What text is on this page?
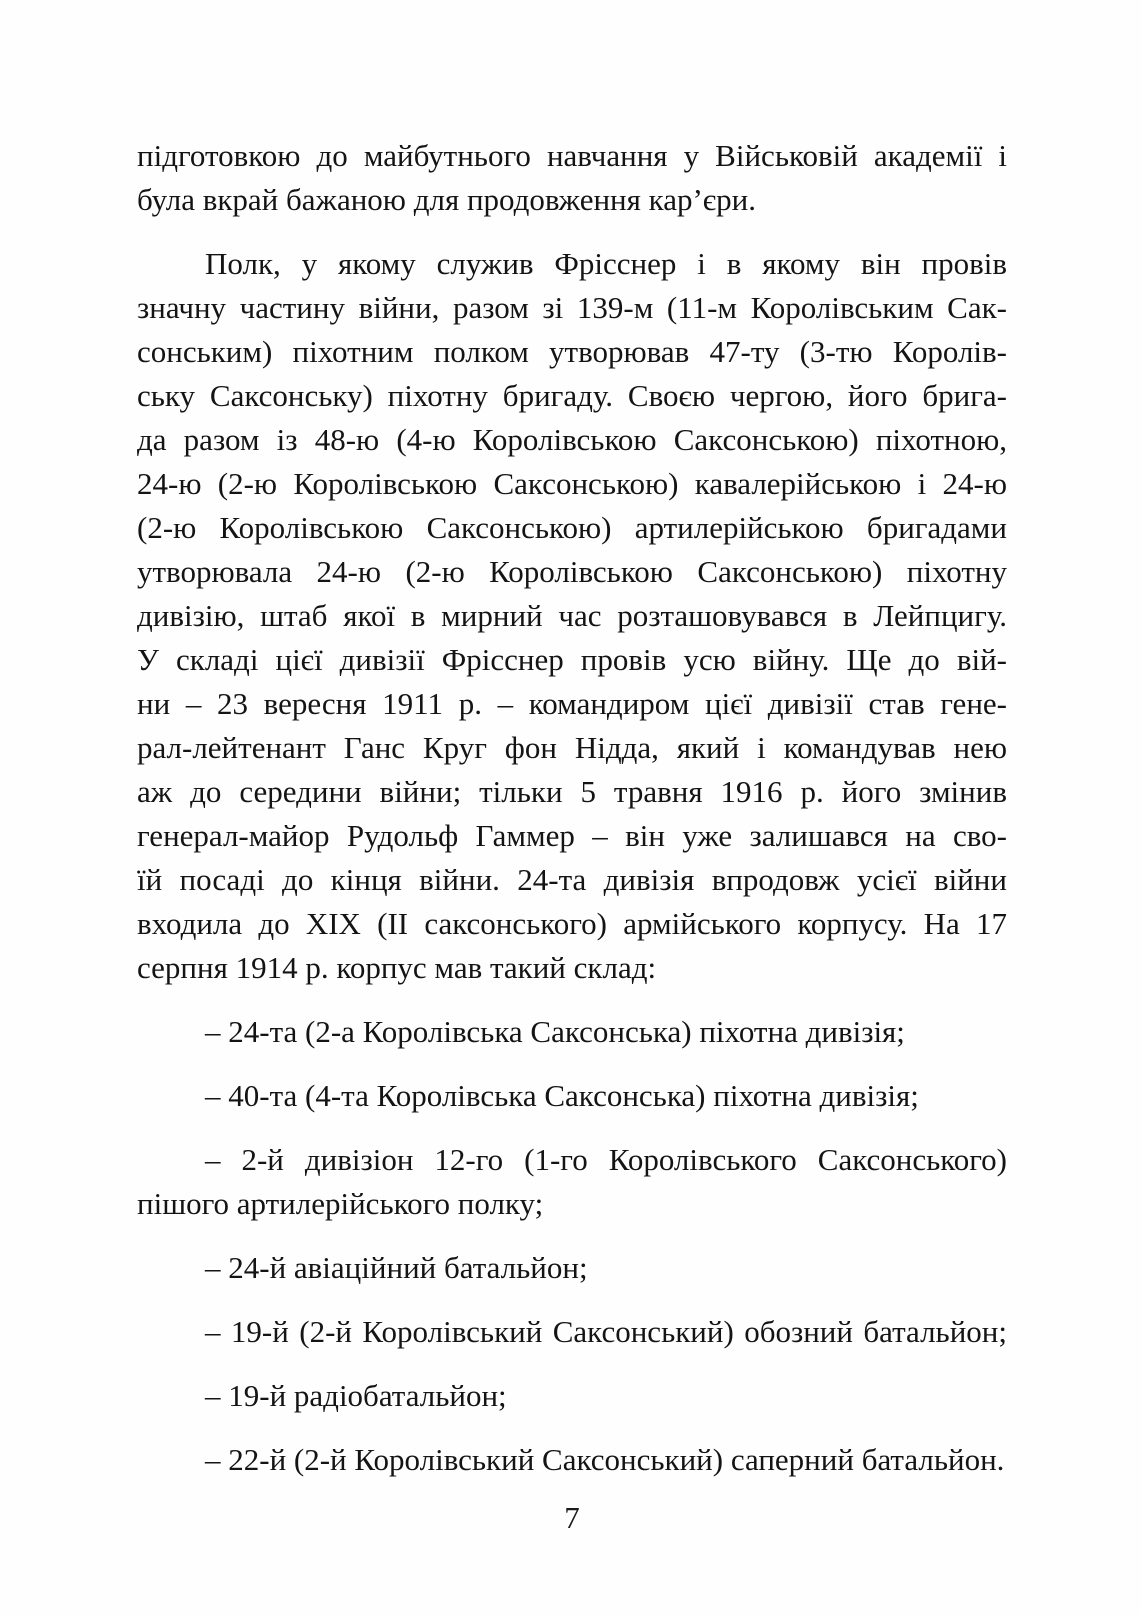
підготовкою до майбутнього навчання у Військовій академії і
була вкрай бажаною для продовження кар’єри.
Полк, у якому служив Фрісснер і в якому він провів
значну частину війни, разом зі 139-м (11-м Королівським Сак-
сонським) піхотним полком утворював 47-ту (3-тю Королів-
ську Саксонську) піхотну бригаду. Своєю чергою, його брига-
да разом із 48-ю (4-ю Королівською Саксонською) піхотною,
24-ю (2-ю Королівською Саксонською) кавалерійською і 24-ю
(2-ю Королівською Саксонською) артилерійською бригадами
утворювала 24-ю (2-ю Королівською Саксонською) піхотну
дивізію, штаб якої в мирний час розташовувався в Лейпцигу.
У складі цієї дивізії Фрісснер провів усю війну. Ще до вій-
ни – 23 вересня 1911 р. – командиром цієї дивізії став гене-
рал-лейтенант Ганс Круг фон Нідда, який і командував нею
аж до середини війни; тільки 5 травня 1916 р. його змінив
генерал-майор Рудольф Гаммер – він уже залишався на сво-
їй посаді до кінця війни. 24-та дивізія впродовж усієї війни
входила до XIX (II саксонського) армійського корпусу. На 17
серпня 1914 р. корпус мав такий склад:
– 24-та (2-а Королівська Саксонська) піхотна дивізія;
– 40-та (4-та Королівська Саксонська) піхотна дивізія;
– 2-й дивізіон 12-го (1-го Королівського Саксонського)
пішого артилерійського полку;
– 24-й авіаційний батальйон;
– 19-й (2-й Королівський Саксонський) обозний батальйон;
– 19-й радіобатальйон;
– 22-й (2-й Королівський Саксонський) саперний батальйон.
7
